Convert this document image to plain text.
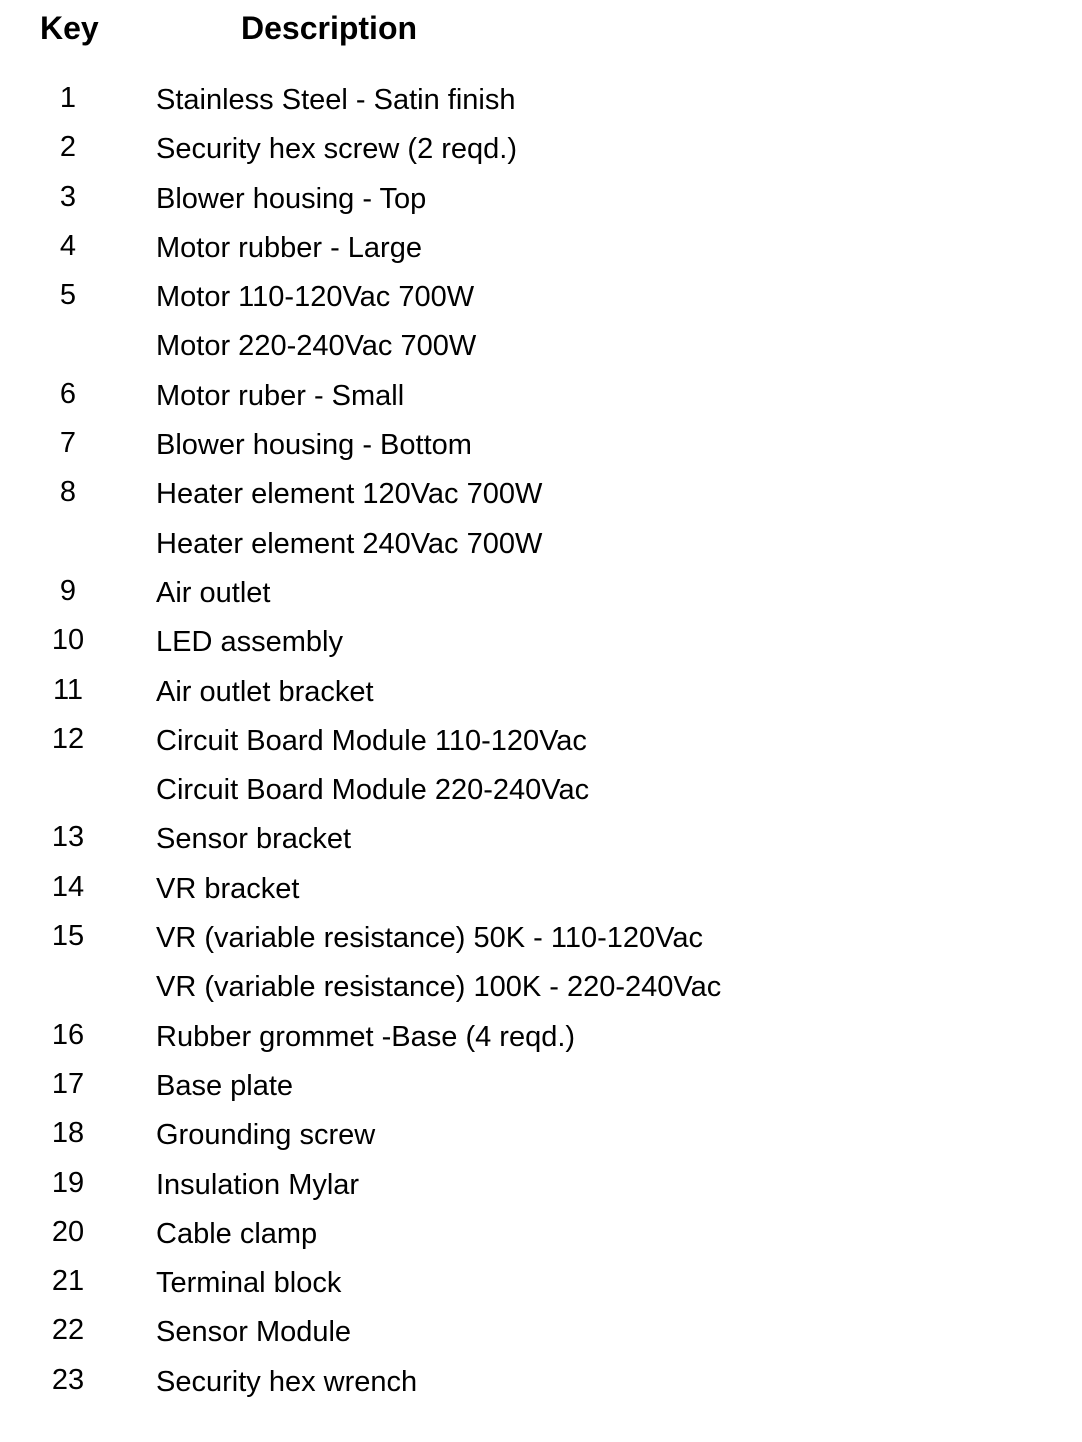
Key	Description
1	Stainless Steel - Satin finish
2	Security hex screw (2 reqd.)
3	Blower housing - Top
4	Motor rubber - Large
5	Motor 110-120Vac 700W
Motor 220-240Vac 700W
6	Motor ruber - Small
7	Blower housing - Bottom
8	Heater element 120Vac 700W
Heater element 240Vac 700W
9	Air outlet
10	LED assembly
11	Air outlet bracket
12	Circuit Board Module 110-120Vac
Circuit Board Module 220-240Vac
13	Sensor bracket
14	VR bracket
15	VR (variable resistance) 50K - 110-120Vac
VR (variable resistance) 100K - 220-240Vac
16	Rubber grommet -Base (4 reqd.)
17	Base plate
18	Grounding screw
19	Insulation Mylar
20	Cable clamp
21	Terminal block
22	Sensor Module
23	Security hex wrench
